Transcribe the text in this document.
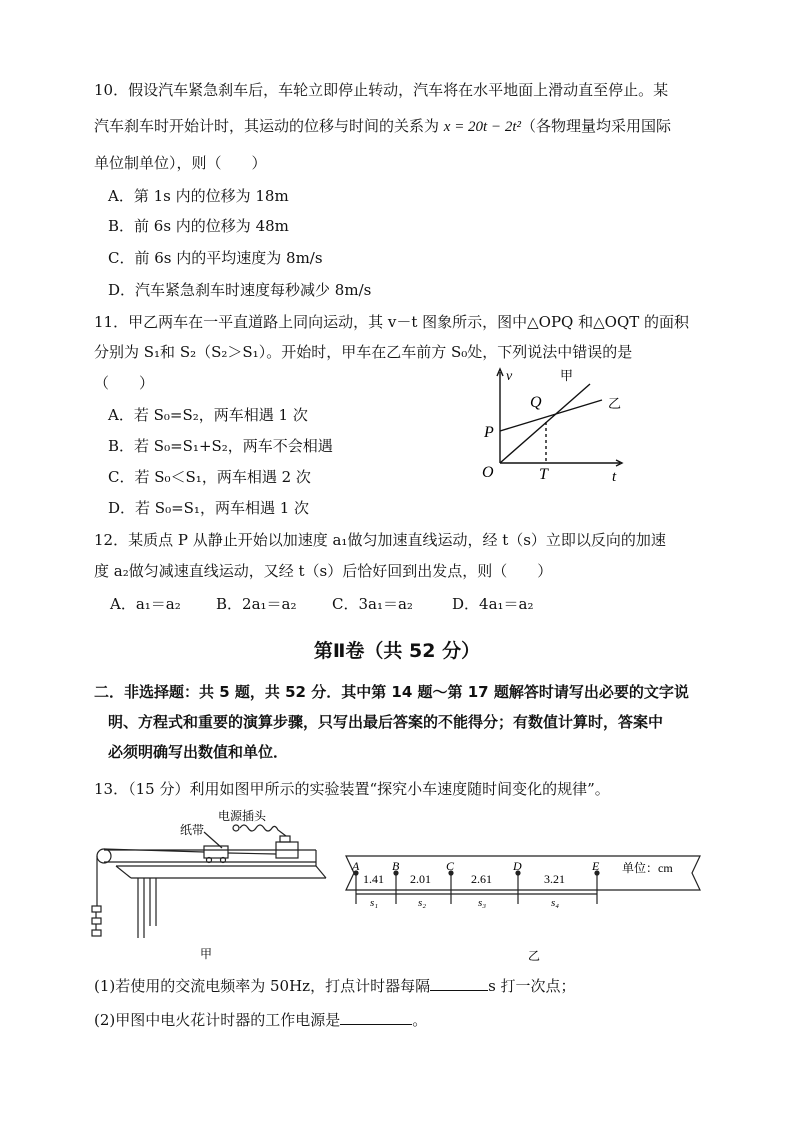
10．假设汽车紧急刹车后，车轮立即停止转动，汽车将在水平地面上滑动直至停止。某
汽车刹车时开始计时，其运动的位移与时间的关系为 x = 20t − 2t²（各物理量均采用国际
单位制单位），则（　　）
A．第 1s 内的位移为 18m
B．前 6s 内的位移为 48m
C．前 6s 内的平均速度为 8m/s
D．汽车紧急刹车时速度每秒减少 8m/s
11．甲乙两车在一平直道路上同向运动，其 v－t 图象所示，图中△OPQ 和△OQT 的面积
分别为 S₁和 S₂（S₂＞S₁）。开始时，甲车在乙车前方 S₀处，下列说法中错误的是
（　　）
A．若 S₀=S₂，两车相遇 1 次
B．若 S₀=S₁+S₂，两车不会相遇
C．若 S₀＜S₁，两车相遇 2 次
D．若 S₀=S₁，两车相遇 1 次
v	甲
Q	乙
P
O	T	t
12．某质点 P 从静止开始以加速度 a₁做匀加速直线运动，经 t（s）立即以反向的加速
度 a₂做匀减速直线运动，又经 t（s）后恰好回到出发点，则（　　）
A．a₁＝a₂ B．2a₁＝a₂ C．3a₁＝a₂	D．4a₁＝a₂
第Ⅱ卷（共 52 分）
二．非选择题：共 5 题，共 52 分．其中第 14 题～第 17 题解答时请写出必要的文字说
明、方程式和重要的演算步骤，只写出最后答案的不能得分；有数值计算时，答案中
必须明确写出数值和单位．
13．（15 分）利用如图甲所示的实验装置“探究小车速度随时间变化的规律”。
电源插头
纸带
甲
A	B	C	D	E
1.41 2.01	2.61	3.21
单位：cm
s₁	s₂	s₃	s₄
乙
(1)若使用的交流电频率为 50Hz，打点计时器每隔	s 打一次点；
(2)甲图中电火花计时器的工作电源是	。
